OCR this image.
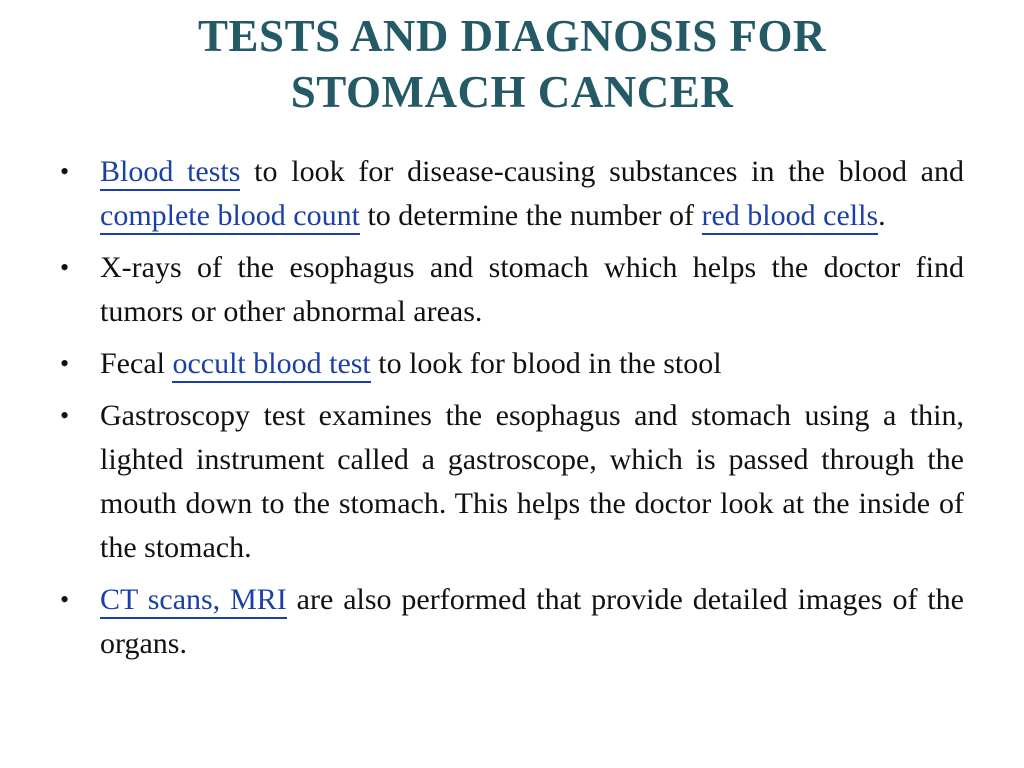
TESTS AND DIAGNOSIS FOR
STOMACH CANCER
•	Blood tests to look for disease-causing substances in the blood and complete blood count to determine the number of red blood cells.
•	X-rays of the esophagus and stomach which helps the doctor find tumors or other abnormal areas.
•	Fecal occult blood test to look for blood in the stool
•	Gastroscopy test examines the esophagus and stomach using a thin, lighted instrument called a gastroscope, which is passed through the mouth down to the stomach. This helps the doctor look at the inside of the stomach.
•	CT scans, MRI are also performed that provide detailed images of the organs.
